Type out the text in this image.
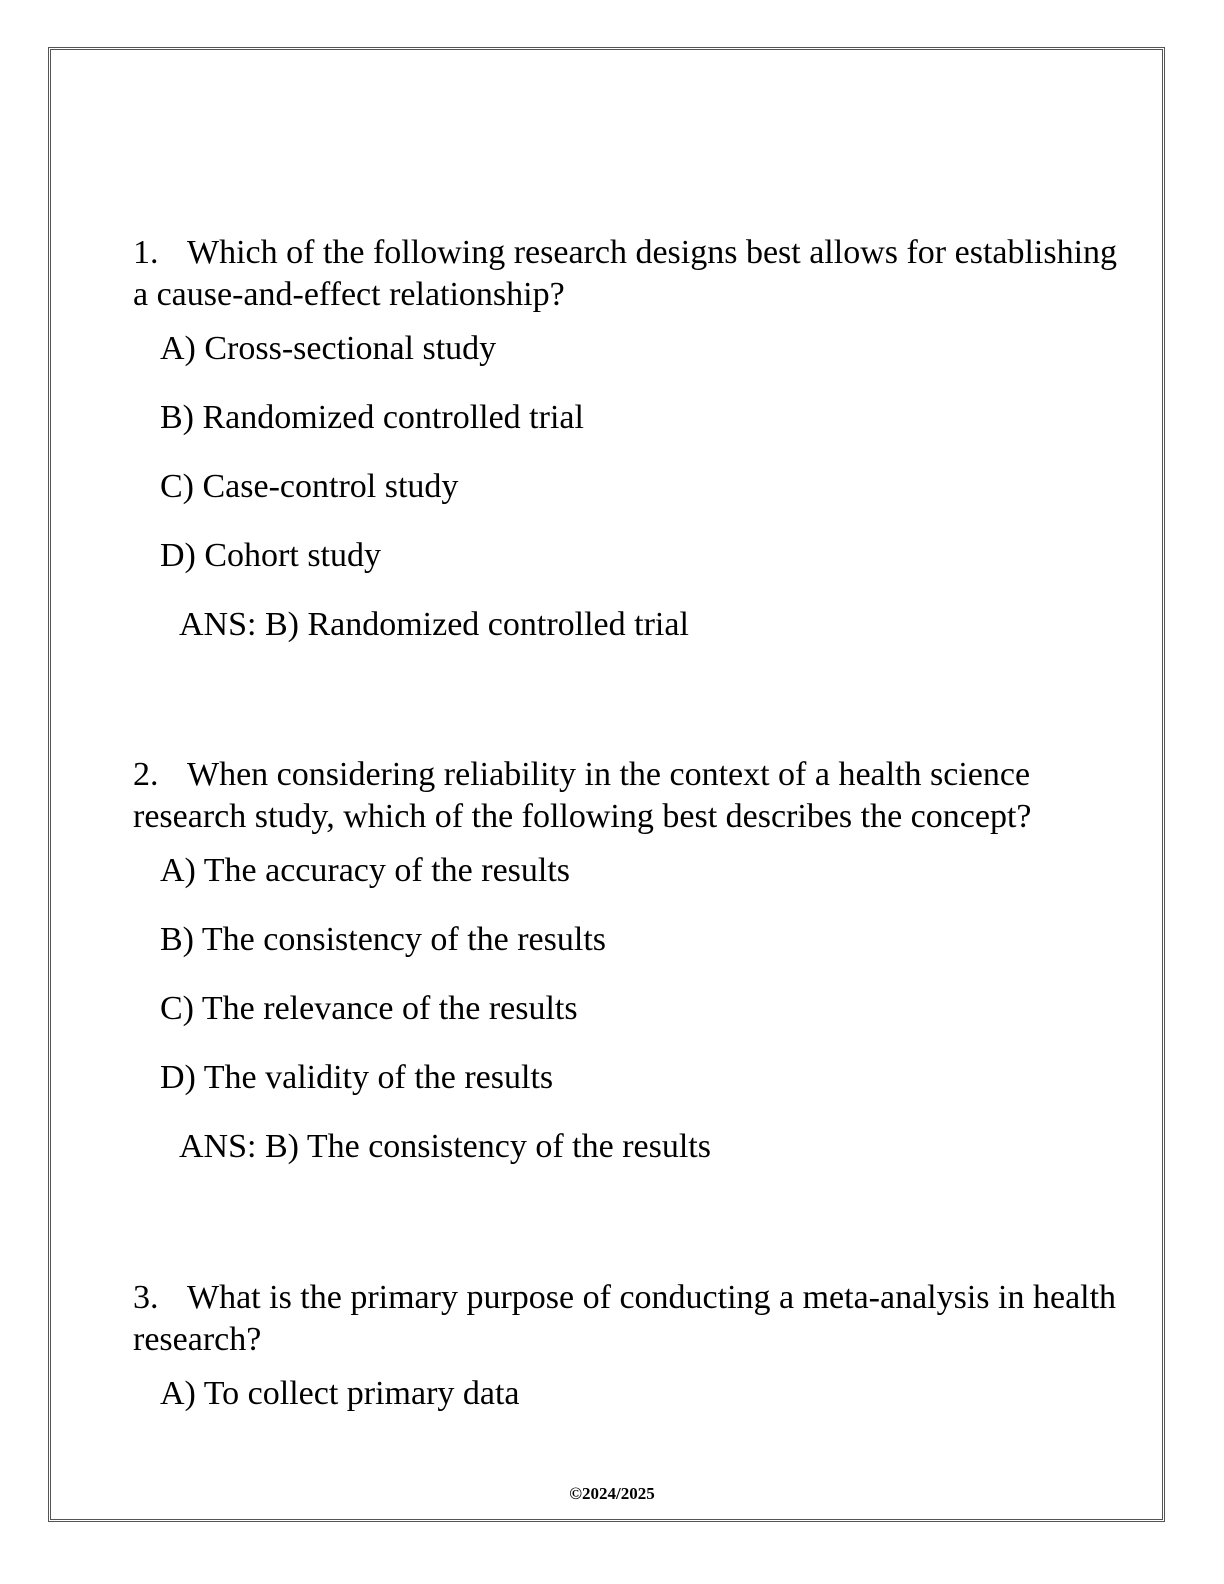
1. Which of the following research designs best allows for establishing a cause-and-effect relationship?

A) Cross-sectional study
B) Randomized controlled trial
C) Case-control study
D) Cohort study

ANS: B) Randomized controlled trial

2. When considering reliability in the context of a health science research study, which of the following best describes the concept?

A) The accuracy of the results
B) The consistency of the results
C) The relevance of the results
D) The validity of the results

ANS: B) The consistency of the results

3. What is the primary purpose of conducting a meta-analysis in health research?

A) To collect primary data
©2024/2025
